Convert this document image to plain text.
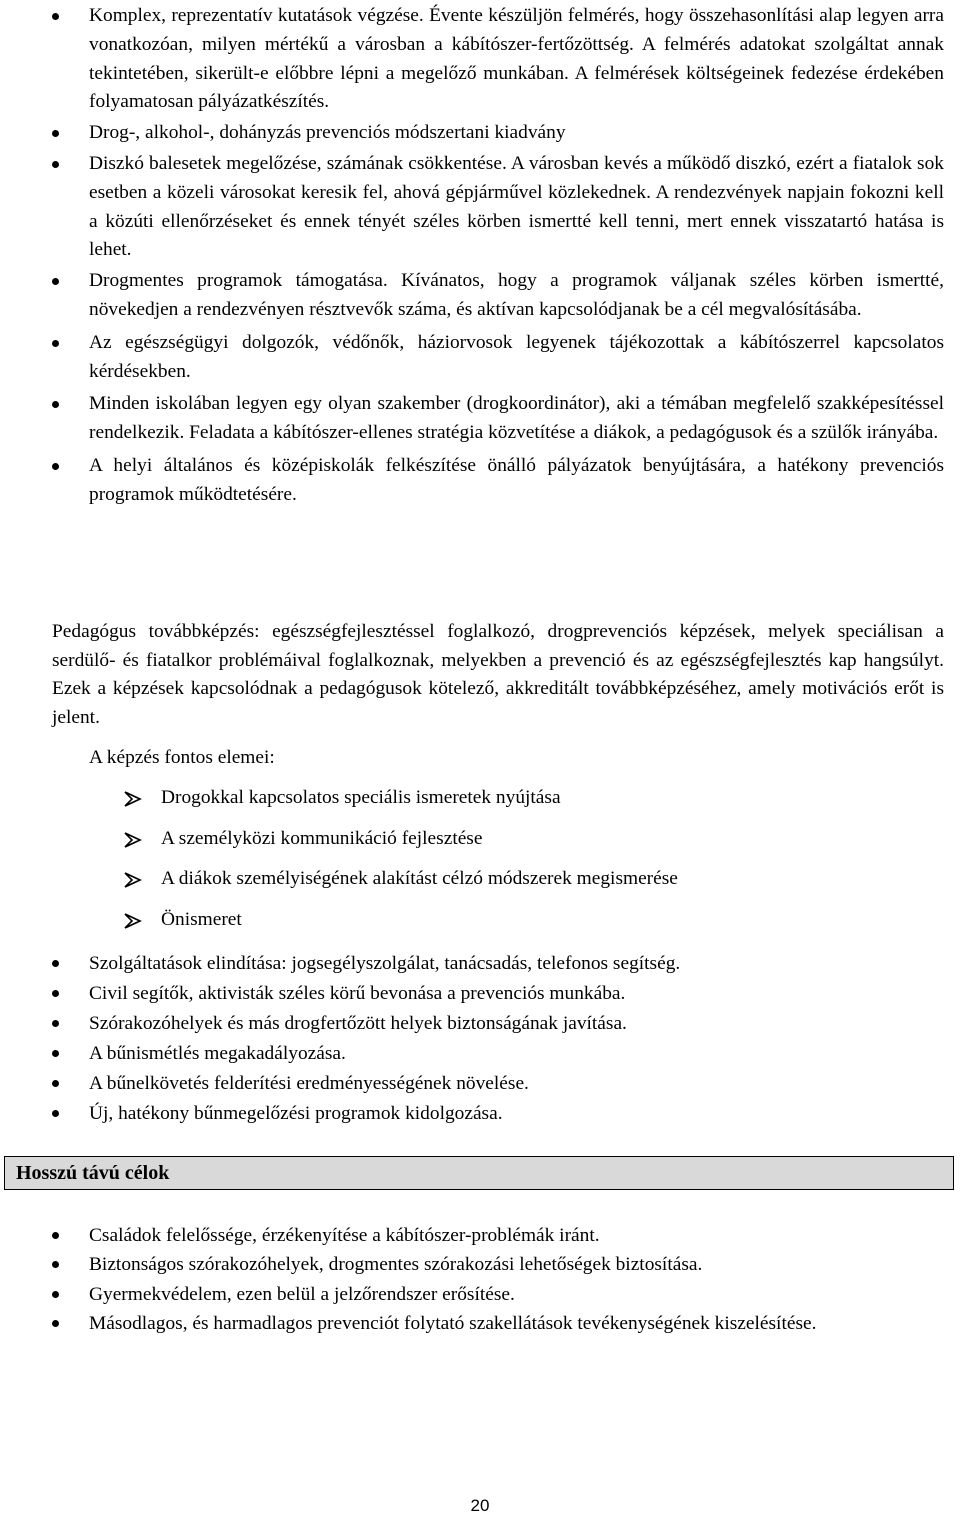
Komplex, reprezentatív kutatások végzése. Évente készüljön felmérés, hogy összehasonlítási alap legyen arra vonatkozóan, milyen mértékű a városban a kábítószer-fertőzöttség. A felmérés adatokat szolgáltat annak tekintetében, sikerült-e előbbre lépni a megelőző munkában. A felmérések költségeinek fedezése érdekében folyamatosan pályázatkészítés.
Drog-, alkohol-, dohányzás prevenciós módszertani kiadvány
Diszkó balesetek megelőzése, számának csökkentése. A városban kevés a működő diszkó, ezért a fiatalok sok esetben a közeli városokat keresik fel, ahová gépjárművel közlekednek. A rendezvények napjain fokozni kell a közúti ellenőrzéseket és ennek tényét széles körben ismertté kell tenni, mert ennek visszatartó hatása is lehet.
Drogmentes programok támogatása. Kívánatos, hogy a programok váljanak széles körben ismertté, növekedjen a rendezvényen résztvevők száma, és aktívan kapcsolódjanak be a cél megvalósításába.
Az egészségügyi dolgozók, védőnők, háziorvosok legyenek tájékozottak a kábítószerrel kapcsolatos kérdésekben.
Minden iskolában legyen egy olyan szakember (drogkoordinátor), aki a témában megfelelő szakképesítéssel rendelkezik. Feladata a kábítószer-ellenes stratégia közvetítése a diákok, a pedagógusok és a szülők irányába.
A helyi általános és középiskolák felkészítése önálló pályázatok benyújtására, a hatékony prevenciós programok működtetésére.

Pedagógus továbbképzés: egészségfejlesztéssel foglalkozó, drogprevenciós képzések, melyek speciálisan a serdülő- és fiatalkor problémáival foglalkoznak, melyekben a prevenció és az egészségfejlesztés kap hangsúlyt. Ezek a képzések kapcsolódnak a pedagógusok kötelező, akkreditált továbbképzéséhez, amely motivációs erőt is jelent.

A képzés fontos elemei:
Drogokkal kapcsolatos speciális ismeretek nyújtása
A személyközi kommunikáció fejlesztése
A diákok személyiségének alakítást célzó módszerek megismerése
Önismeret
Szolgáltatások elindítása: jogsegélyszolgálat, tanácsadás, telefonos segítség.
Civil segítők, aktivisták széles körű bevonása a prevenciós munkába.
Szórakozóhelyek és más drogfertőzött helyek biztonságának javítása.
A bűnismétlés megakadályozása.
A bűnelkövetés felderítési eredményességének növelése.
Új, hatékony bűnmegelőzési programok kidolgozása.
Hosszú távú célok
Családok felelőssége, érzékenyítése a kábítószer-problémák iránt.
Biztonságos szórakozóhelyek, drogmentes szórakozási lehetőségek biztosítása.
Gyermekvédelem, ezen belül a jelzőrendszer erősítése.
Másodlagos, és harmadlagos prevenciót folytató szakellátások tevékenységének kiszelésítése.
20
